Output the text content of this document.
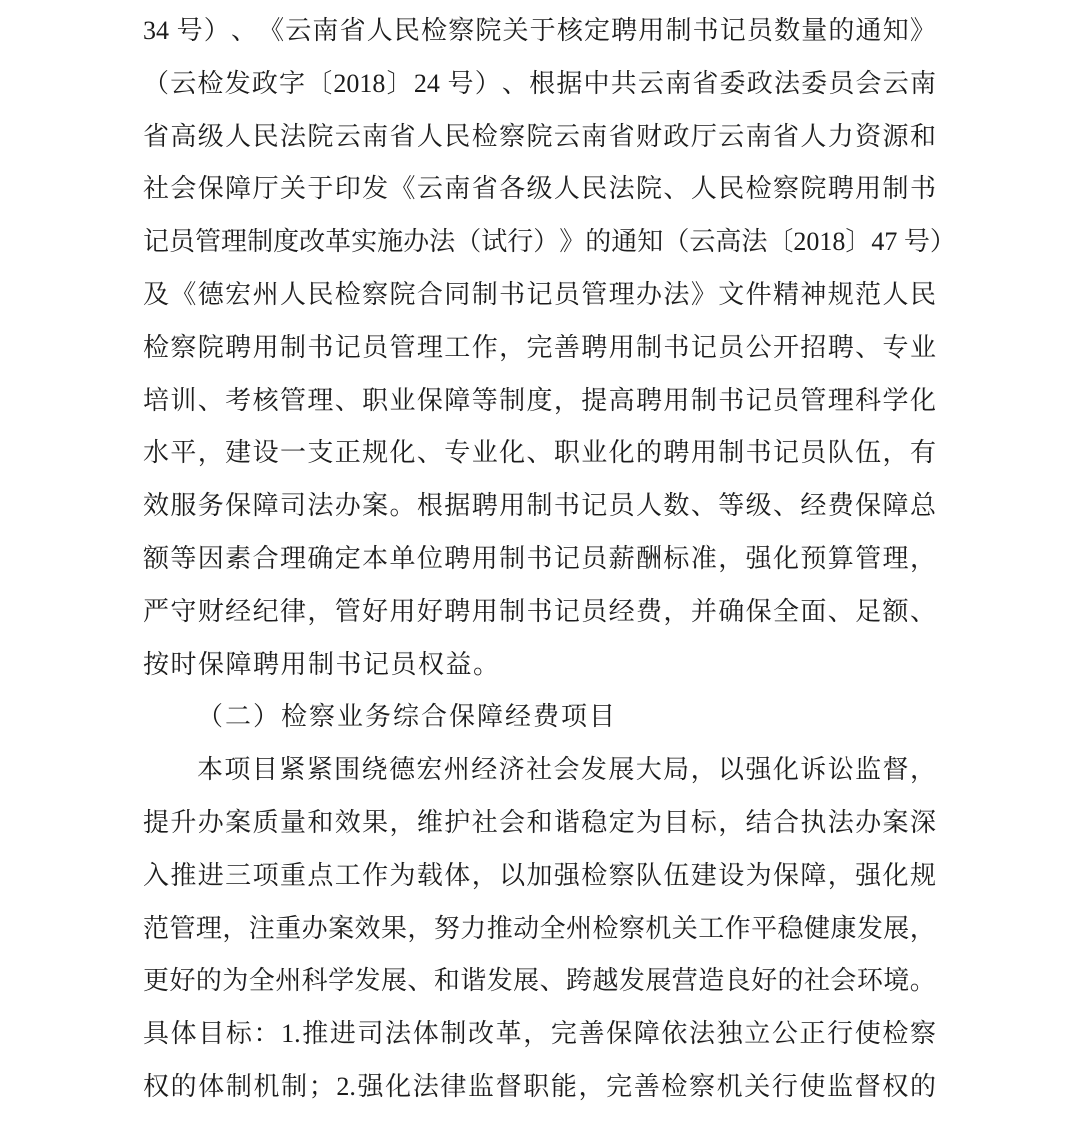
34 号 ） 、 《 云 南 省 人 民 检 察 院 关 于 核 定 聘 用 制 书 记 员 数 量 的 通 知 》
（ 云 检 发 政 字 〔 2018 〕 24 号 ） 、 根 据 中 共 云 南 省 委 政 法 委 员 会 云 南
省 高 级 人 民 法 院 云 南 省 人 民 检 察 院 云 南 省 财 政 厅 云 南 省 人 力 资 源 和
社 会 保 障 厅 关 于 印 发 《 云 南 省 各 级 人 民 法 院 、 人 民 检 察 院 聘 用 制 书
记 员 管 理 制 度 改 革 实 施 办 法 （ 试 行 ） 》 的 通 知 （ 云 高 法 〔 2018 〕 47 号 ）
及 《 德 宏 州 人 民 检 察 院 合 同 制 书 记 员 管 理 办 法 》 文 件 精 神 规 范 人 民
检 察 院 聘 用 制 书 记 员 管 理 工 作 ， 完 善 聘 用 制 书 记 员 公 开 招 聘 、 专 业
培 训 、 考 核 管 理 、 职 业 保 障 等 制 度 ， 提 高 聘 用 制 书 记 员 管 理 科 学 化
水 平 ， 建 设 一 支 正 规 化 、 专 业 化 、 职 业 化 的 聘 用 制 书 记 员 队 伍 ， 有
效 服 务 保 障 司 法 办 案 。 根 据 聘 用 制 书 记 员 人 数 、 等 级 、 经 费 保 障 总
额 等 因 素 合 理 确 定 本 单 位 聘 用 制 书 记 员 薪 酬 标 准 ， 强 化 预 算 管 理 ，
严 守 财 经 纪 律 ， 管 好 用 好 聘 用 制 书 记 员 经 费 ， 并 确 保 全 面 、 足 额 、
按时保障聘用制书记员权益。
（二）检察业务综合保障经费项目
本 项 目 紧 紧 围 绕 德 宏 州 经 济 社 会 发 展 大 局 ， 以 强 化 诉 讼 监 督 ，
提 升 办 案 质 量 和 效 果 ， 维 护 社 会 和 谐 稳 定 为 目 标 ， 结 合 执 法 办 案 深
入 推 进 三 项 重 点 工 作 为 载 体 ， 以 加 强 检 察 队 伍 建 设 为 保 障 ， 强 化 规
范 管 理 ， 注 重 办 案 效 果 ， 努 力 推 动 全 州 检 察 机 关 工 作 平 稳 健 康 发 展 ，
更 好 的 为 全 州 科 学 发 展 、 和 谐 发 展 、 跨 越 发 展 营 造 良 好 的 社 会 环 境 。
具 体 目 标 ： 1. 推 进 司 法 体 制 改 革 ， 完 善 保 障 依 法 独 立 公 正 行 使 检 察
权 的 体 制 机 制 ； 2. 强 化 法 律 监 督 职 能 ， 完 善 检 察 机 关 行 使 监 督 权 的
